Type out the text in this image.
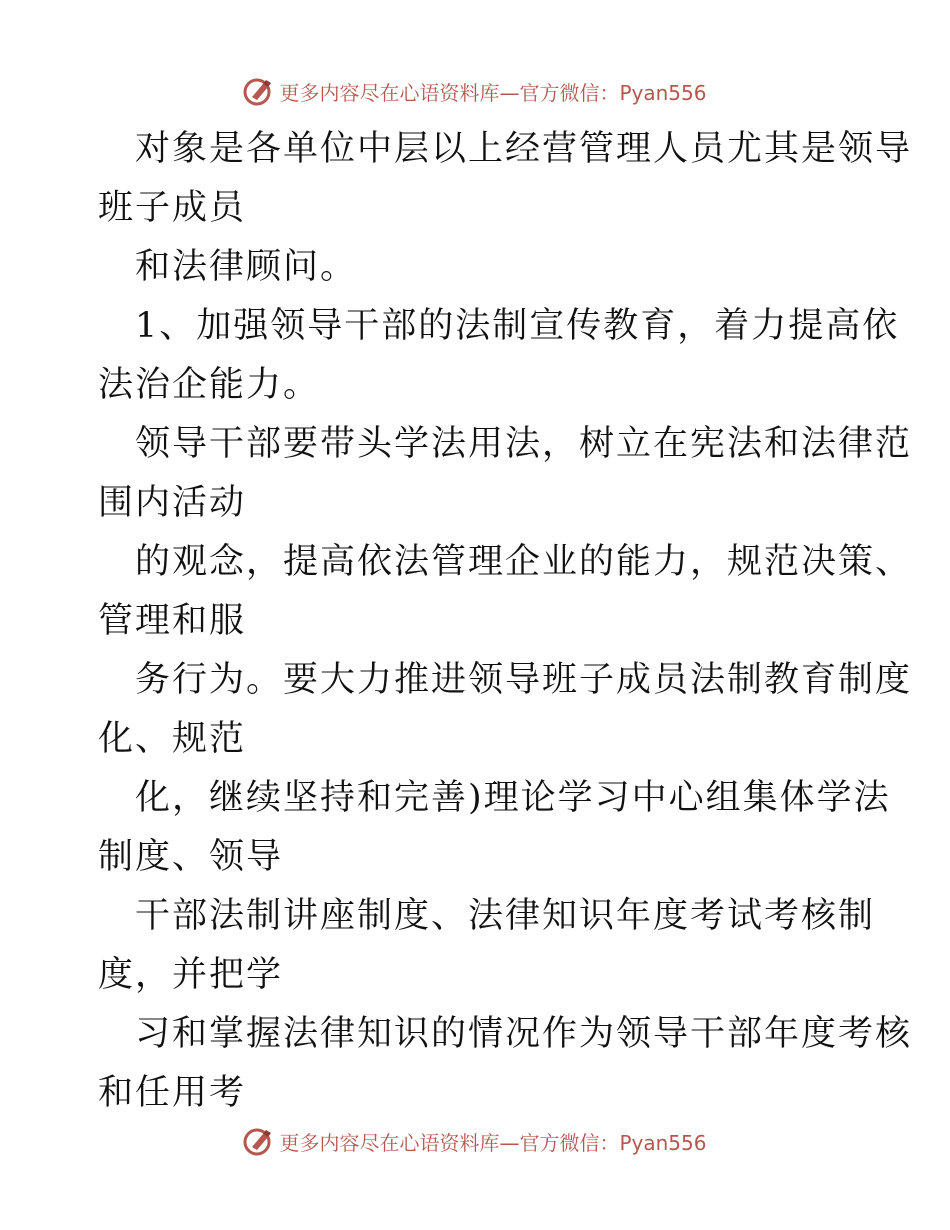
更多内容尽在心语资料库—官方微信：Pyan556
对象是各单位中层以上经营管理人员尤其是领导
班子成员
和法律顾问。
1、加强领导干部的法制宣传教育，着力提高依
法治企能力。
领导干部要带头学法用法，树立在宪法和法律范
围内活动
的观念，提高依法管理企业的能力，规范决策、
管理和服
务行为。要大力推进领导班子成员法制教育制度
化、规范
化，继续坚持和完善)理论学习中心组集体学法
制度、领导
干部法制讲座制度、法律知识年度考试考核制
度，并把学
习和掌握法律知识的情况作为领导干部年度考核
和任用考
更多内容尽在心语资料库—官方微信：Pyan556
